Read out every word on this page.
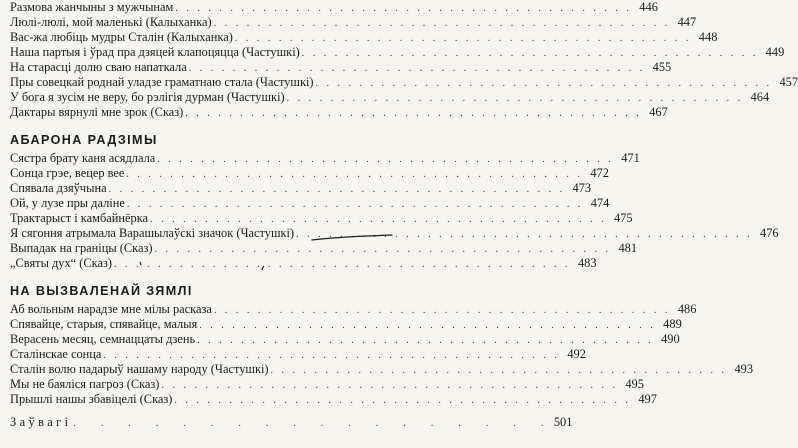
Размова жанчыны з мужчынам . . . . . . . . . . . . . . . . . . . . . . . . . . . . . . . . . . . . . . . . . . 446
Люлі-люлі, мой маленькі (Калыханка) . . . . . . . . . . . . . . . . . . . . . . . . . . . . . . . . . . . . . . . . . . 447
Вас-жа любіць мудры Сталін (Калыханка) . . . . . . . . . . . . . . . . . . . . . . . . . . . . . . . . . . . . . . . . . . 448
Наша партыя і ўрад пра дзяцей клапоцяцца (Частушкі) . . . . . . . . . . . . . . . . . . . . . . . . . . . . . . . . . . . . . . . . . . 449
На старасці долю сваю напаткала . . . . . . . . . . . . . . . . . . . . . . . . . . . . . . . . . . . . . . . . . . 455
Пры совецкай роднай уладзе граматнаю стала (Частушкі) . . . . . . . . . . . . . . . . . . . . . . . . . . . . . . . . . . . . . . . . . . 457
У бога я зусім не веру, бо рэлігія дурман (Частушкі) . . . . . . . . . . . . . . . . . . . . . . . . . . . . . . . . . . . . . . . . . . 464
Дактары вярнулі мне зрок (Сказ) . . . . . . . . . . . . . . . . . . . . . . . . . . . . . . . . . . . . . . . . . . 467
АБАРОНА РАДЗІМЫ
Сястра брату каня асядлала . . . . . . . . . . . . . . . . . . . . . . . . . . . . . . . . . . . . . . . . . . 471
Сонца грэе, вецер вее . . . . . . . . . . . . . . . . . . . . . . . . . . . . . . . . . . . . . . . . . . 472
Спявала дзяўчына . . . . . . . . . . . . . . . . . . . . . . . . . . . . . . . . . . . . . . . . . . 473
Ой, у лузе пры даліне . . . . . . . . . . . . . . . . . . . . . . . . . . . . . . . . . . . . . . . . . . 474
Трактарыст і камбайнёрка . . . . . . . . . . . . . . . . . . . . . . . . . . . . . . . . . . . . . . . . . . 475
Я сягоння атрымала Варашылаўскі значок (Частушкі) . . . . . . . . . . . . . . . . . . . . . . . . . . . . . . . . . . . . . . . . . . 476
Выпадак на граніцы (Сказ) . . . . . . . . . . . . . . . . . . . . . . . . . . . . . . . . . . . . . . . . . . 481
„Святы дух“ (Сказ) . . . . . . . . . . . . . . . . . . . . . . . . . . . . . . . . . . . . . . . . . . 483
НА ВЫЗВАЛЕНАЙ ЗЯМЛІ
Аб вольным нарадзе мне мілы расказа . . . . . . . . . . . . . . . . . . . . . . . . . . . . . . . . . . . . . . . . . . 486
Спявайце, старыя, спявайце, малыя . . . . . . . . . . . . . . . . . . . . . . . . . . . . . . . . . . . . . . . . . . 489
Верасень месяц, семнаццаты дзень . . . . . . . . . . . . . . . . . . . . . . . . . . . . . . . . . . . . . . . . . . 490
Сталінскае сонца . . . . . . . . . . . . . . . . . . . . . . . . . . . . . . . . . . . . . . . . . . 492
Сталін волю падарыў нашаму народу (Частушкі) . . . . . . . . . . . . . . . . . . . . . . . . . . . . . . . . . . . . . . . . . . 493
Мы не баяліся пагроз (Сказ) . . . . . . . . . . . . . . . . . . . . . . . . . . . . . . . . . . . . . . . . . . 495
Прышлі нашы збавіцелі (Сказ) . . . . . . . . . . . . . . . . . . . . . . . . . . . . . . . . . . . . . . . . . . 497
Заўвагі .    .    .    .    .    .    .    .    .    .    .    .    .    .    .    .    .    . 501
